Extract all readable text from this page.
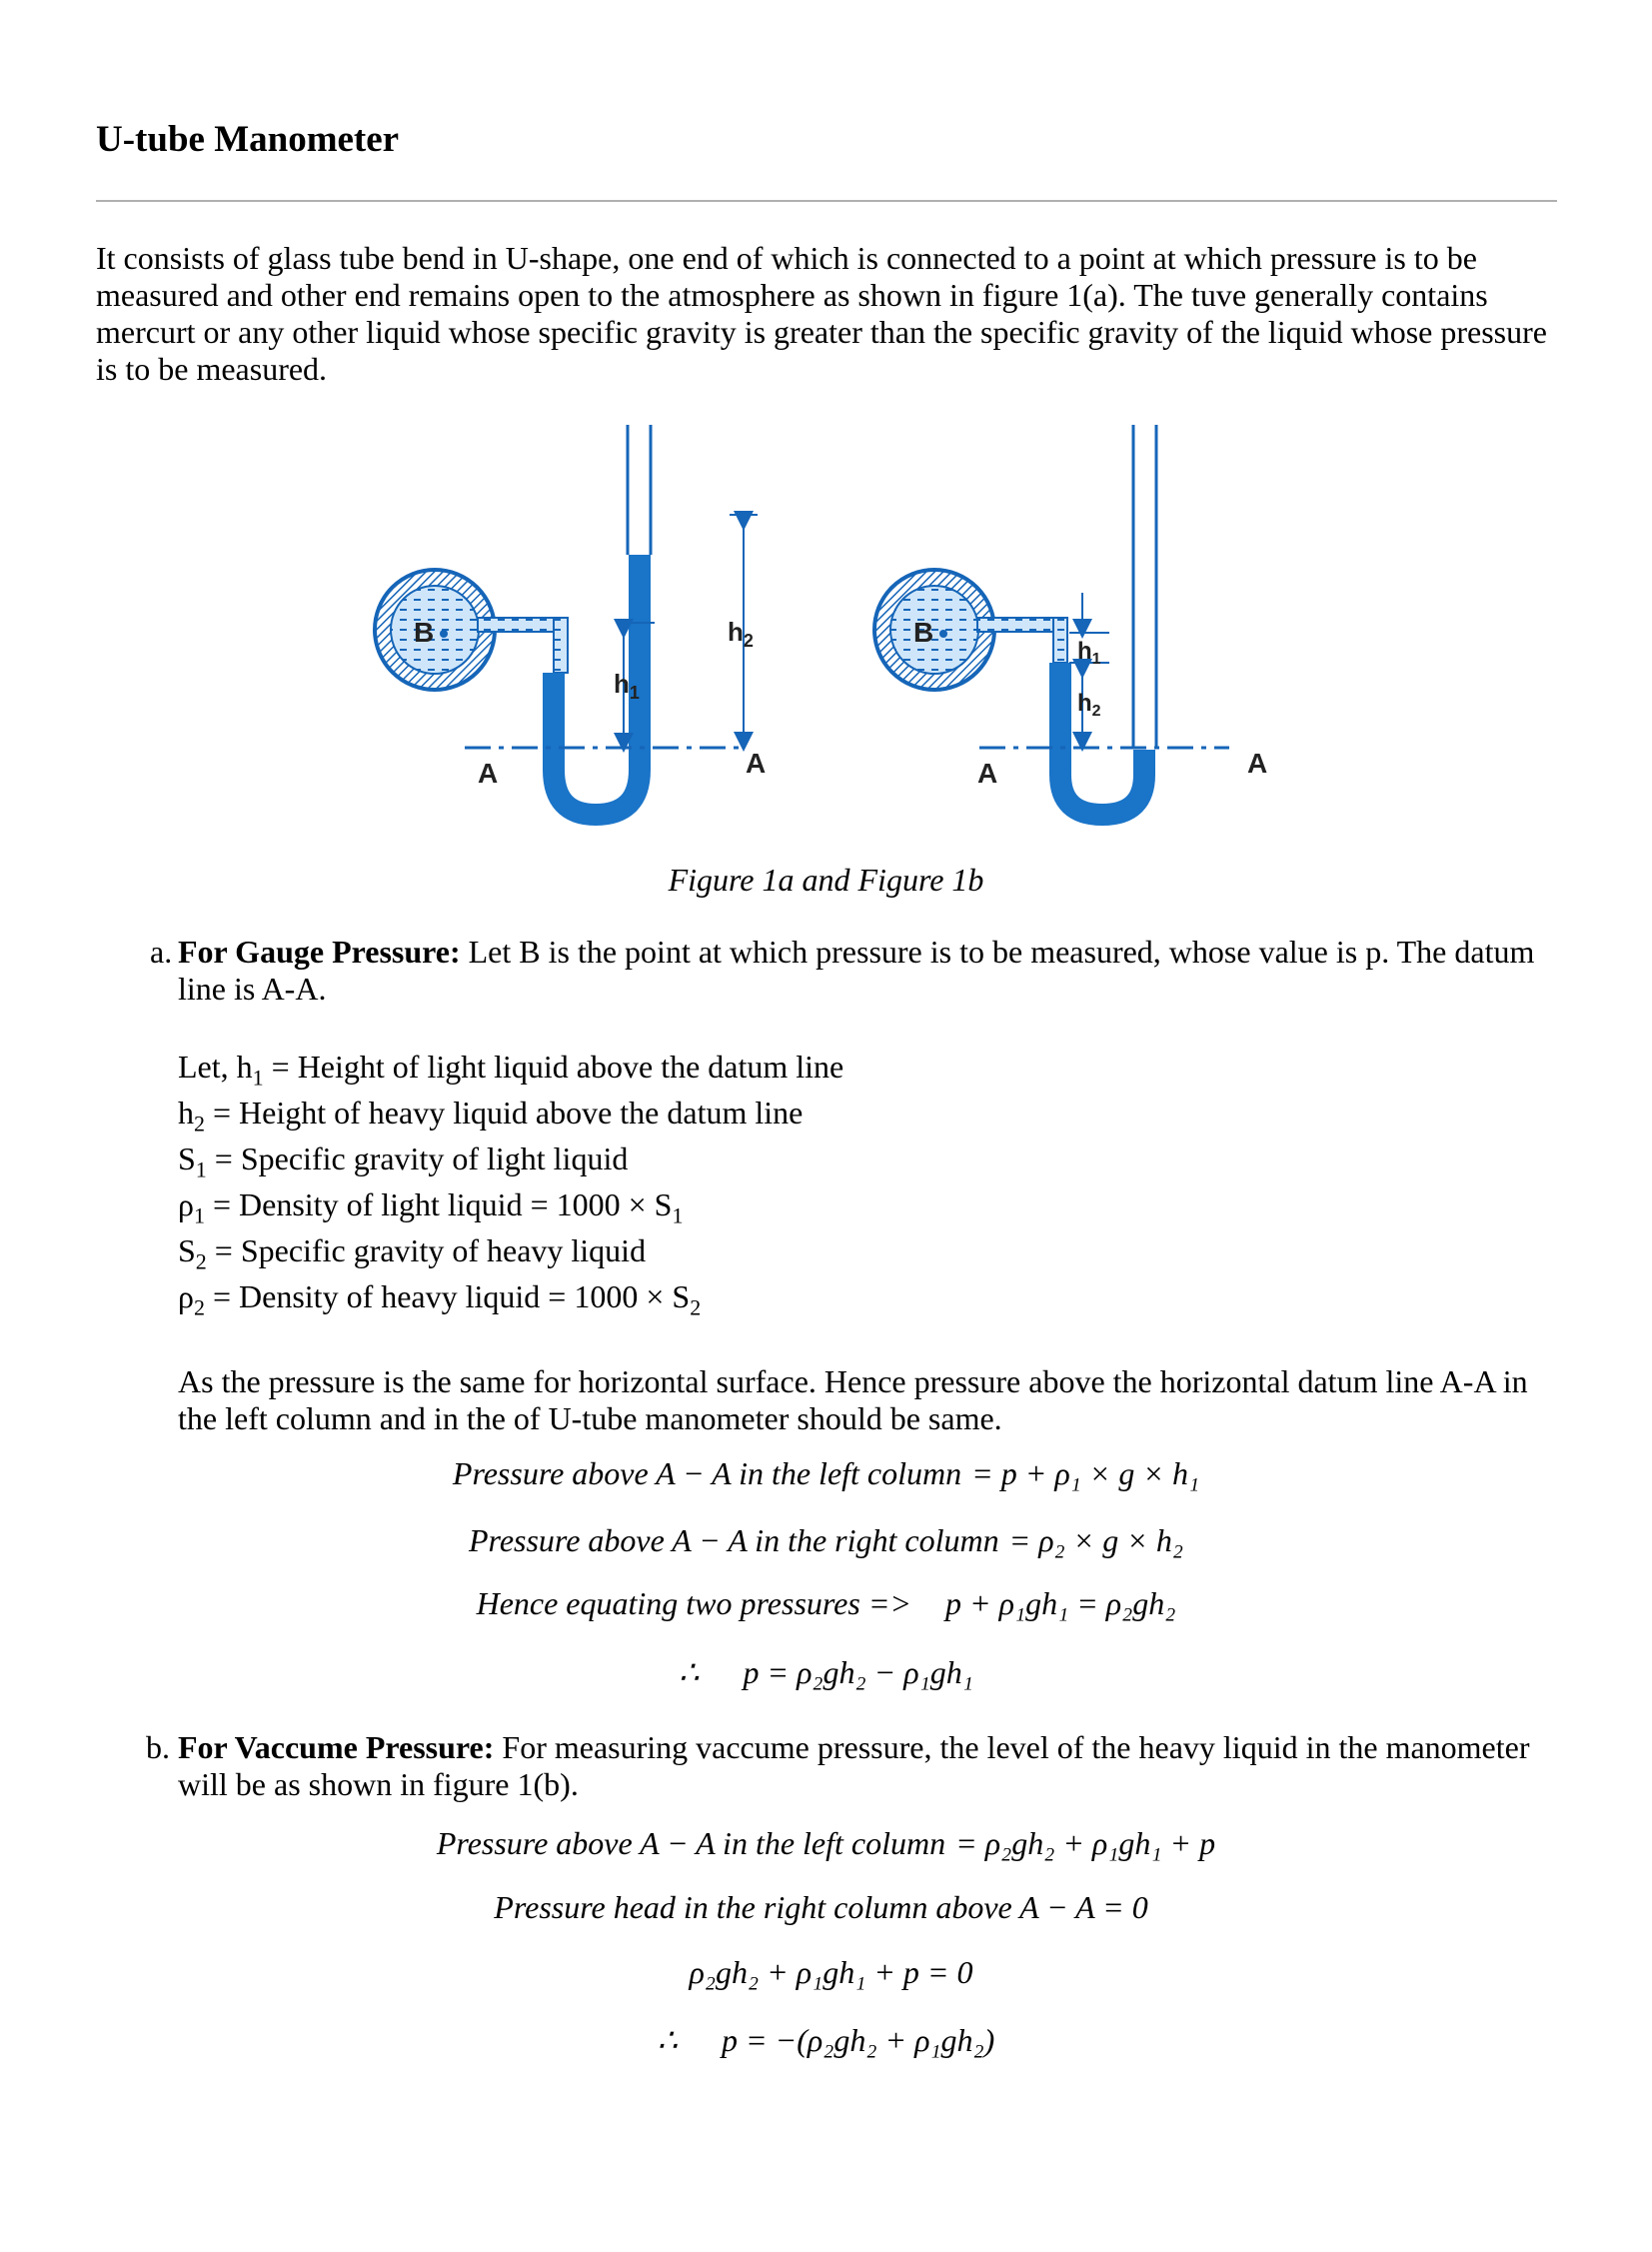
U-tube Manometer

It consists of glass tube bend in U-shape, one end of which is connected to a point at which pressure is to be measured and other end remains open to the atmosphere as shown in figure 1(a). The tuve generally contains mercurt or any other liquid whose specific gravity is greater than the specific gravity of the liquid whose pressure is to be measured.

B
A	A
$h_1$
$h_2$	B
A	A
$h_1$
$h_2$
Figure 1a and Figure 1b
a. For Gauge Pressure: Let B is the point at which pressure is to be measured, whose value is p. The datum line is A-A.

Let, $h_1$ = Height of light liquid above the datum line
$h_2$ = Height of heavy liquid above the datum line
$S_1$ = Specific gravity of light liquid
$\rho_1$ = Density of light liquid = $1000 \times S_1$
$S_2$ = Specific gravity of heavy liquid
$\rho_2$ = Density of heavy liquid = $1000 \times S_2$

As the pressure is the same for horizontal surface. Hence pressure above the horizontal datum line A-A in the left column and in the of U-tube manometer should be same.

Pressure above A − A in the left column = p + ρ₁ × g × h₁
Pressure above A − A in the right column = ρ₂ × g × h₂
Hence equating two pressures => p + ρ₁gh₁ = ρ₂gh₂
∴ p = ρ₂gh₂ − ρ₁gh₁
b. For Vaccume Pressure: For measuring vaccume pressure, the level of the heavy liquid in the manometer will be as shown in figure 1(b).

Pressure above A − A in the left column = ρ₂gh₂ + ρ₁gh₁ + p
Pressure head in the right column above A − A = 0
ρ₂gh₂ + ρ₁gh₁ + p = 0
∴ p = −(ρ₂gh₂ + ρ₁gh₂)
